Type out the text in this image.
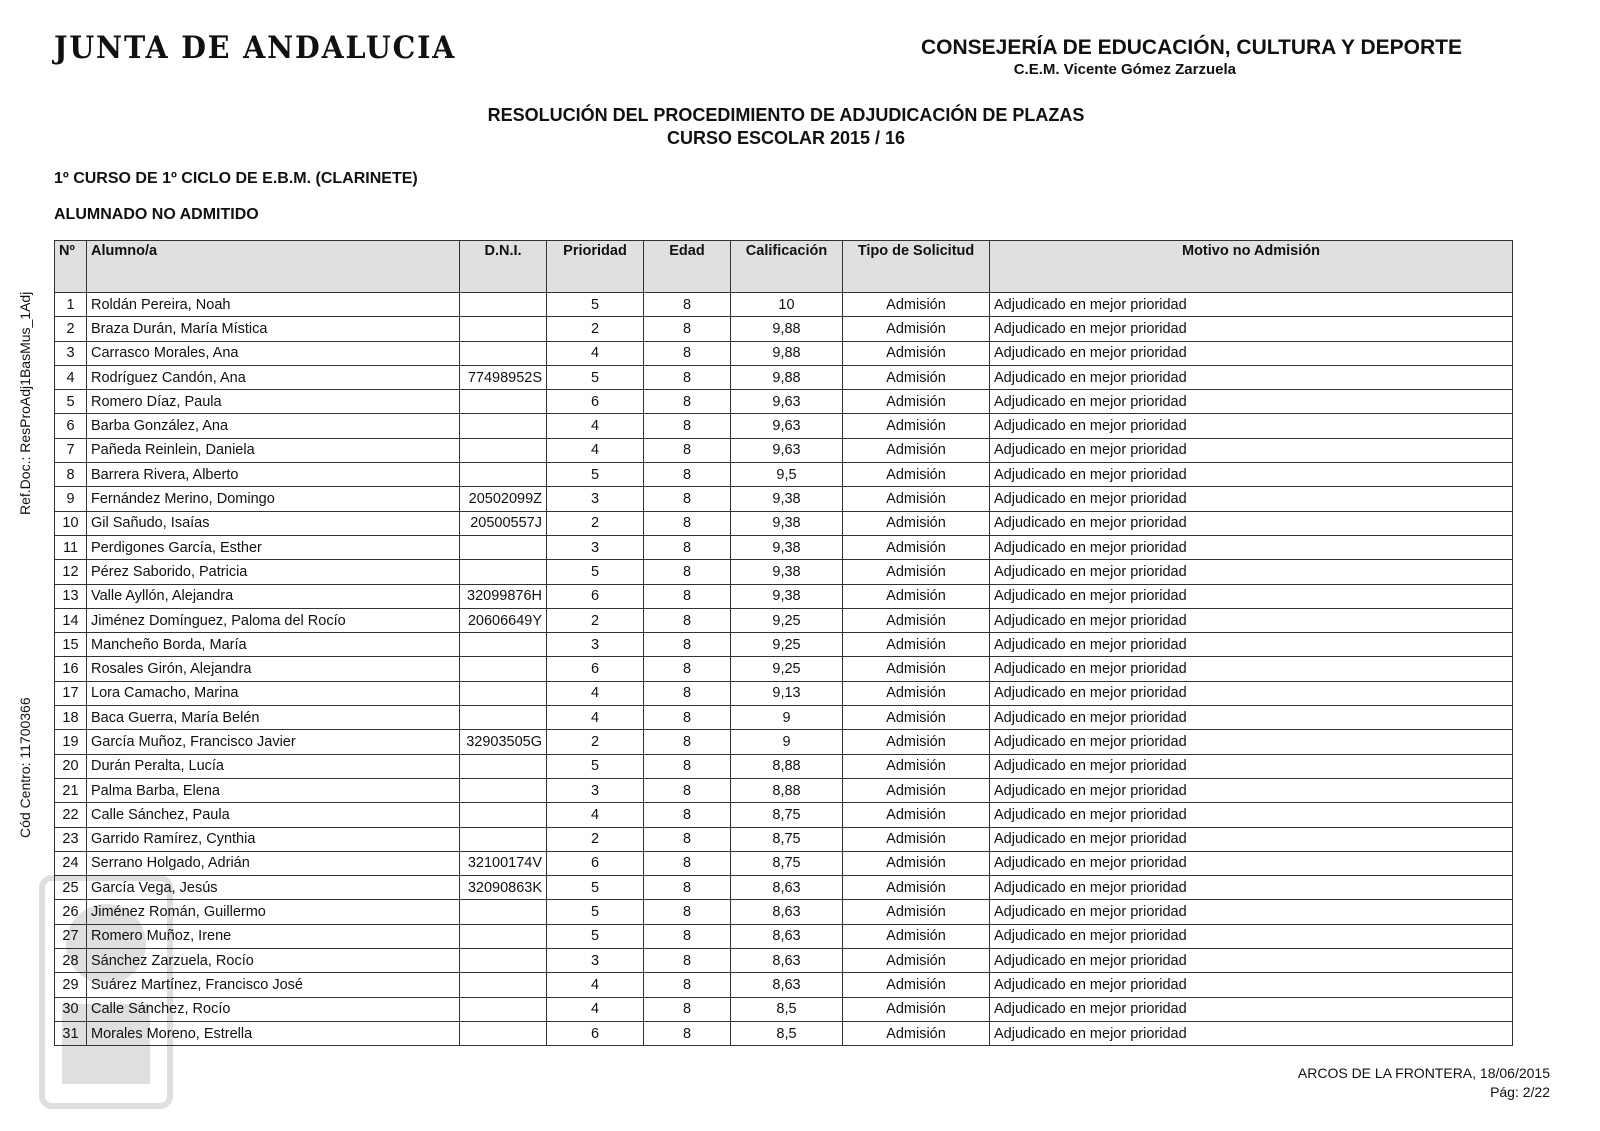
JUNTA DE ANDALUCIA	CONSEJERÍA DE EDUCACIÓN, CULTURA Y DEPORTE
C.E.M. Vicente Gómez Zarzuela
RESOLUCIÓN DEL PROCEDIMIENTO DE ADJUDICACIÓN DE PLAZAS
CURSO ESCOLAR 2015 / 16
1º CURSO DE 1º CICLO DE E.B.M. (CLARINETE)
ALUMNADO NO ADMITIDO
Ref.Doc.: ResProAdj1BasMus_1Adj
Cód Centro: 11700366
Nº	Alumno/a	D.N.I.	Prioridad	Edad	Calificación	Tipo de Solicitud	Motivo no Admisión
1	Roldán Pereira, Noah		5	8	10	Admisión	Adjudicado en mejor prioridad
2	Braza Durán, María Mística		2	8	9,88	Admisión	Adjudicado en mejor prioridad
3	Carrasco Morales, Ana		4	8	9,88	Admisión	Adjudicado en mejor prioridad
4	Rodríguez Candón, Ana	77498952S	5	8	9,88	Admisión	Adjudicado en mejor prioridad
5	Romero Díaz, Paula		6	8	9,63	Admisión	Adjudicado en mejor prioridad
6	Barba González, Ana		4	8	9,63	Admisión	Adjudicado en mejor prioridad
7	Pañeda Reinlein, Daniela		4	8	9,63	Admisión	Adjudicado en mejor prioridad
8	Barrera Rivera, Alberto		5	8	9,5	Admisión	Adjudicado en mejor prioridad
9	Fernández Merino, Domingo	20502099Z	3	8	9,38	Admisión	Adjudicado en mejor prioridad
10	Gil Sañudo, Isaías	20500557J	2	8	9,38	Admisión	Adjudicado en mejor prioridad
11	Perdigones García, Esther		3	8	9,38	Admisión	Adjudicado en mejor prioridad
12	Pérez Saborido, Patricia		5	8	9,38	Admisión	Adjudicado en mejor prioridad
13	Valle Ayllón, Alejandra	32099876H	6	8	9,38	Admisión	Adjudicado en mejor prioridad
14	Jiménez Domínguez, Paloma del Rocío	20606649Y	2	8	9,25	Admisión	Adjudicado en mejor prioridad
15	Mancheño Borda, María		3	8	9,25	Admisión	Adjudicado en mejor prioridad
16	Rosales Girón, Alejandra		6	8	9,25	Admisión	Adjudicado en mejor prioridad
17	Lora Camacho, Marina		4	8	9,13	Admisión	Adjudicado en mejor prioridad
18	Baca Guerra, María Belén		4	8	9	Admisión	Adjudicado en mejor prioridad
19	García Muñoz, Francisco Javier	32903505G	2	8	9	Admisión	Adjudicado en mejor prioridad
20	Durán Peralta, Lucía		5	8	8,88	Admisión	Adjudicado en mejor prioridad
21	Palma Barba, Elena		3	8	8,88	Admisión	Adjudicado en mejor prioridad
22	Calle Sánchez, Paula		4	8	8,75	Admisión	Adjudicado en mejor prioridad
23	Garrido Ramírez, Cynthia		2	8	8,75	Admisión	Adjudicado en mejor prioridad
24	Serrano Holgado, Adrián	32100174V	6	8	8,75	Admisión	Adjudicado en mejor prioridad
25	García Vega, Jesús	32090863K	5	8	8,63	Admisión	Adjudicado en mejor prioridad
26	Jiménez Román, Guillermo		5	8	8,63	Admisión	Adjudicado en mejor prioridad
27	Romero Muñoz, Irene		5	8	8,63	Admisión	Adjudicado en mejor prioridad
28	Sánchez Zarzuela, Rocío		3	8	8,63	Admisión	Adjudicado en mejor prioridad
29	Suárez Martínez, Francisco José		4	8	8,63	Admisión	Adjudicado en mejor prioridad
30	Calle Sánchez, Rocío		4	8	8,5	Admisión	Adjudicado en mejor prioridad
31	Morales Moreno, Estrella		6	8	8,5	Admisión	Adjudicado en mejor prioridad
ARCOS DE LA FRONTERA, 18/06/2015
Pág: 2/22
